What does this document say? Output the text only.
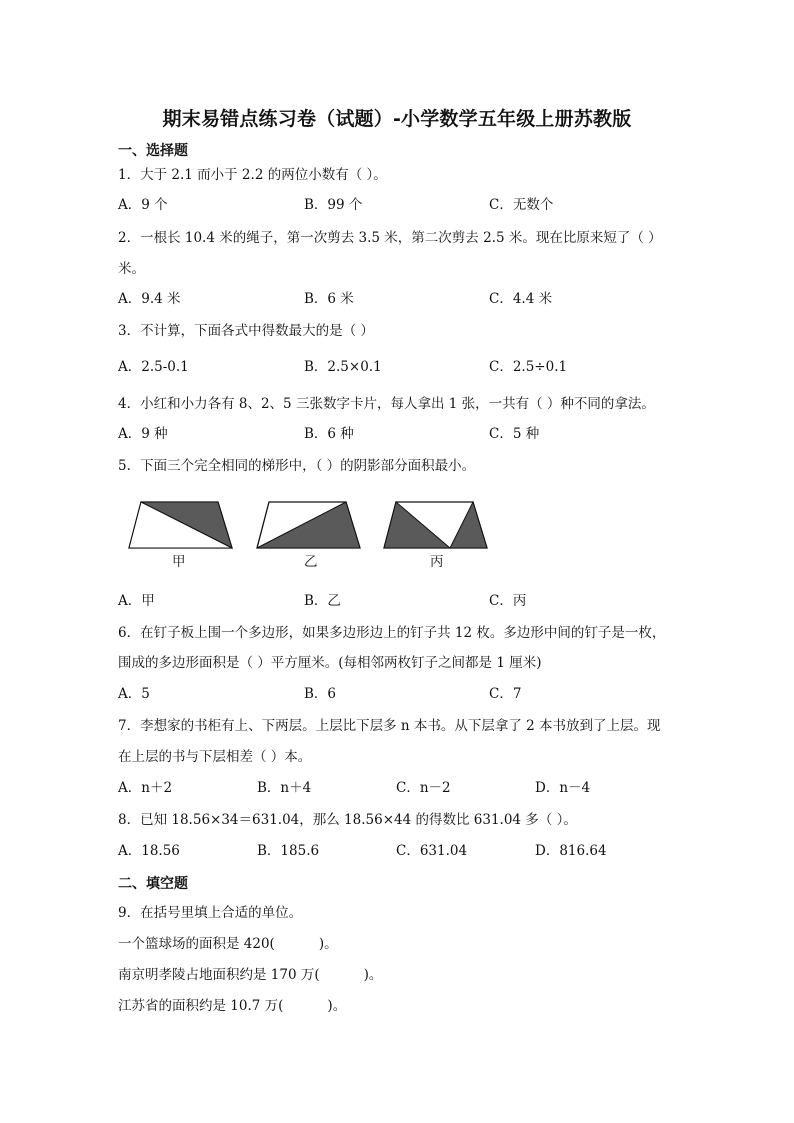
期末易错点练习卷（试题）-小学数学五年级上册苏教版
一、选择题
1．大于 2.1 而小于 2.2 的两位小数有（ ）。
A．9 个	B．99 个	C．无数个
2．一根长 10.4 米的绳子，第一次剪去 3.5 米，第二次剪去 2.5 米。现在比原来短了（ ）
米。
A．9.4 米	B．6 米	C．4.4 米
3．不计算，下面各式中得数最大的是（ ）
A．2.5-0.1	B．2.5×0.1	C．2.5÷0.1
4．小红和小力各有 8、2、5 三张数字卡片，每人拿出 1 张，一共有（ ）种不同的拿法。
A．9 种	B．6 种	C．5 种
5．下面三个完全相同的梯形中，（ ）的阴影部分面积最小。
甲	乙	丙
A．甲	B．乙	C．丙
6．在钉子板上围一个多边形，如果多边形边上的钉子共 12 枚。多边形中间的钉子是一枚，
围成的多边形面积是（ ）平方厘米。(每相邻两枚钉子之间都是 1 厘米)
A．5	B．6	C．7
7．李想家的书柜有上、下两层。上层比下层多 n 本书。从下层拿了 2 本书放到了上层。现
在上层的书与下层相差（ ）本。
A．n＋2	B．n＋4	C．n－2	D．n－4
8．已知 18.56×34＝631.04，那么 18.56×44 的得数比 631.04 多（ ）。
A．18.56	B．185.6	C．631.04	D．816.64
二、填空题
9．在括号里填上合适的单位。
一个篮球场的面积是 420(	)。
南京明孝陵占地面积约是 170 万(	)。
江苏省的面积约是 10.7 万(	)。
